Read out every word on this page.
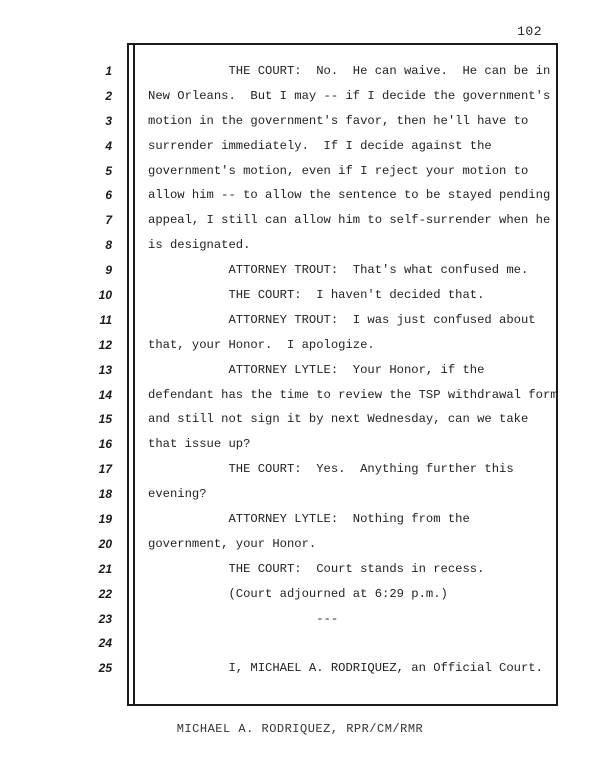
102
1
2
3
4
5
6
7
8
9
10
11
12
13
14
15
16
17
18
19
20
21
22
23
24
25
THE COURT:  No.  He can waive.  He can be in
New Orleans.  But I may -- if I decide the government's
motion in the government's favor, then he'll have to
surrender immediately.  If I decide against the
government's motion, even if I reject your motion to
allow him -- to allow the sentence to be stayed pending
appeal, I still can allow him to self-surrender when he
is designated.
ATTORNEY TROUT:  That's what confused me.
THE COURT:  I haven't decided that.
ATTORNEY TROUT:  I was just confused about
that, your Honor.  I apologize.
ATTORNEY LYTLE:  Your Honor, if the
defendant has the time to review the TSP withdrawal form
and still not sign it by next Wednesday, can we take
that issue up?
THE COURT:  Yes.  Anything further this
evening?
ATTORNEY LYTLE:  Nothing from the
government, your Honor.
THE COURT:  Court stands in recess.
(Court adjourned at 6:29 p.m.)
---
I, MICHAEL A. RODRIQUEZ, an Official Court.
MICHAEL A. RODRIQUEZ, RPR/CM/RMR
